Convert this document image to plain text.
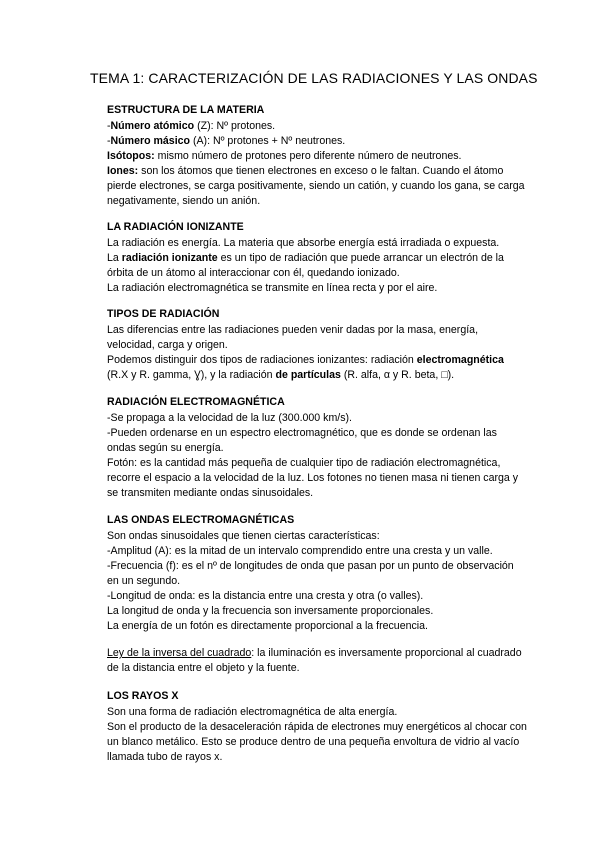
TEMA 1: CARACTERIZACIÓN DE LAS RADIACIONES Y LAS ONDAS
ESTRUCTURA DE LA MATERIA
-Número atómico (Z): Nº protones.
-Número másico (A): Nº protones + Nº neutrones.
Isótopos: mismo número de protones pero diferente número de neutrones.
Iones: son los átomos que tienen electrones en exceso o le faltan. Cuando el átomo pierde electrones, se carga positivamente, siendo un catión, y cuando los gana, se carga negativamente, siendo un anión.
LA RADIACIÓN IONIZANTE
La radiación es energía. La materia que absorbe energía está irradiada o expuesta.
La radiación ionizante es un tipo de radiación que puede arrancar un electrón de la órbita de un átomo al interaccionar con él, quedando ionizado.
La radiación electromagnética se transmite en línea recta y por el aire.
TIPOS DE RADIACIÓN
Las diferencias entre las radiaciones pueden venir dadas por la masa, energía, velocidad, carga y origen.
Podemos distinguir dos tipos de radiaciones ionizantes: radiación electromagnética (R.X y R. gamma, Ɣ), y la radiación de partículas (R. alfa, α y R. beta, □).
RADIACIÓN ELECTROMAGNÉTICA
-Se propaga a la velocidad de la luz (300.000 km/s).
-Pueden ordenarse en un espectro electromagnético, que es donde se ordenan las ondas según su energía.
Fotón: es la cantidad más pequeña de cualquier tipo de radiación electromagnética, recorre el espacio a la velocidad de la luz. Los fotones no tienen masa ni tienen carga y se transmiten mediante ondas sinusoidales.
LAS ONDAS ELECTROMAGNÉTICAS
Son ondas sinusoidales que tienen ciertas características:
-Amplitud (A): es la mitad de un intervalo comprendido entre una cresta y un valle.
-Frecuencia (f): es el nº de longitudes de onda que pasan por un punto de observación en un segundo.
-Longitud de onda: es la distancia entre una cresta y otra (o valles).
La longitud de onda y la frecuencia son inversamente proporcionales.
La energía de un fotón es directamente proporcional a la frecuencia.
Ley de la inversa del cuadrado: la iluminación es inversamente proporcional al cuadrado de la distancia entre el objeto y la fuente.
LOS RAYOS X
Son una forma de radiación electromagnética de alta energía.
Son el producto de la desaceleración rápida de electrones muy energéticos al chocar con un blanco metálico. Esto se produce dentro de una pequeña envoltura de vidrio al vacío llamada tubo de rayos x.
